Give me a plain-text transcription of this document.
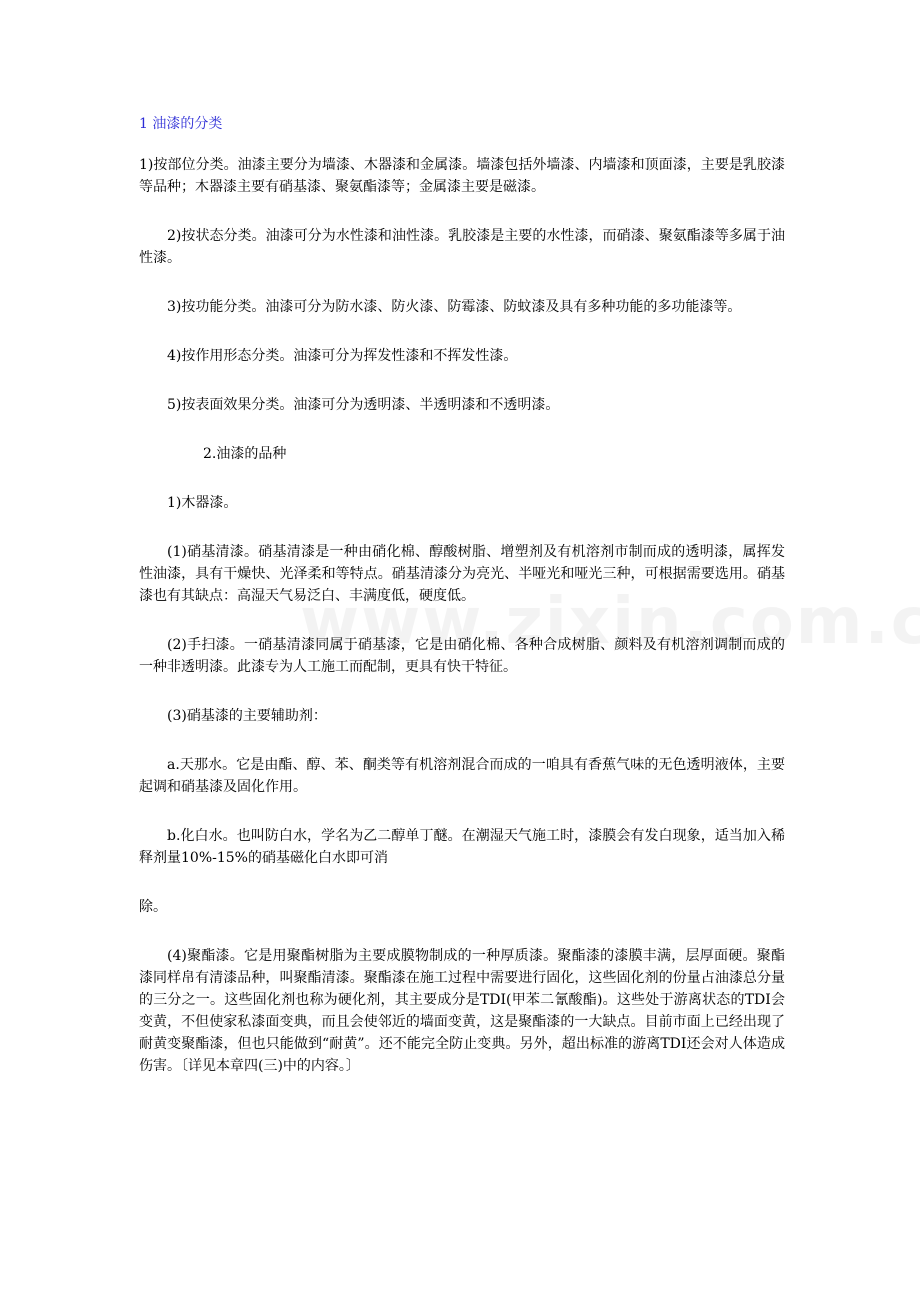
1 油漆的分类

1)按部位分类。油漆主要分为墙漆、木器漆和金属漆。墙漆包括外墙漆、内墙漆和顶面漆，主要是乳胶漆等品种；木器漆主要有硝基漆、聚氨酯漆等；金属漆主要是磁漆。

2)按状态分类。油漆可分为水性漆和油性漆。乳胶漆是主要的水性漆，而硝漆、聚氨酯漆等多属于油性漆。

3)按功能分类。油漆可分为防水漆、防火漆、防霉漆、防蚊漆及具有多种功能的多功能漆等。

4)按作用形态分类。油漆可分为挥发性漆和不挥发性漆。

5)按表面效果分类。油漆可分为透明漆、半透明漆和不透明漆。

2.油漆的品种

1)木器漆。

(1)硝基清漆。硝基清漆是一种由硝化棉、醇酸树脂、增塑剂及有机溶剂市制而成的透明漆，属挥发性油漆，具有干燥快、光泽柔和等特点。硝基清漆分为亮光、半哑光和哑光三种，可根据需要选用。硝基漆也有其缺点：高湿天气易泛白、丰满度低，硬度低。

(2)手扫漆。一硝基清漆同属于硝基漆，它是由硝化棉、各种合成树脂、颜料及有机溶剂调制而成的一种非透明漆。此漆专为人工施工而配制，更具有快干特征。

(3)硝基漆的主要辅助剂：

a.天那水。它是由酯、醇、苯、酮类等有机溶剂混合而成的一咱具有香蕉气味的无色透明液体，主要起调和硝基漆及固化作用。

b.化白水。也叫防白水，学名为乙二醇单丁醚。在潮湿天气施工时，漆膜会有发白现象，适当加入稀释剂量10%-15%的硝基磁化白水即可消

除。

(4)聚酯漆。它是用聚酯树脂为主要成膜物制成的一种厚质漆。聚酯漆的漆膜丰满，层厚面硬。聚酯漆同样帛有清漆品种，叫聚酯清漆。聚酯漆在施工过程中需要进行固化，这些固化剂的份量占油漆总分量的三分之一。这些固化剂也称为硬化剂，其主要成分是TDI(甲苯二氰酸酯)。这些处于游离状态的TDI会变黄，不但使家私漆面变典，而且会使邻近的墙面变黄，这是聚酯漆的一大缺点。目前市面上已经出现了耐黄变聚酯漆，但也只能做到“耐黄”。还不能完全防止变典。另外，超出标准的游离TDI还会对人体造成伤害。〔详见本章四(三)中的内容。〕
